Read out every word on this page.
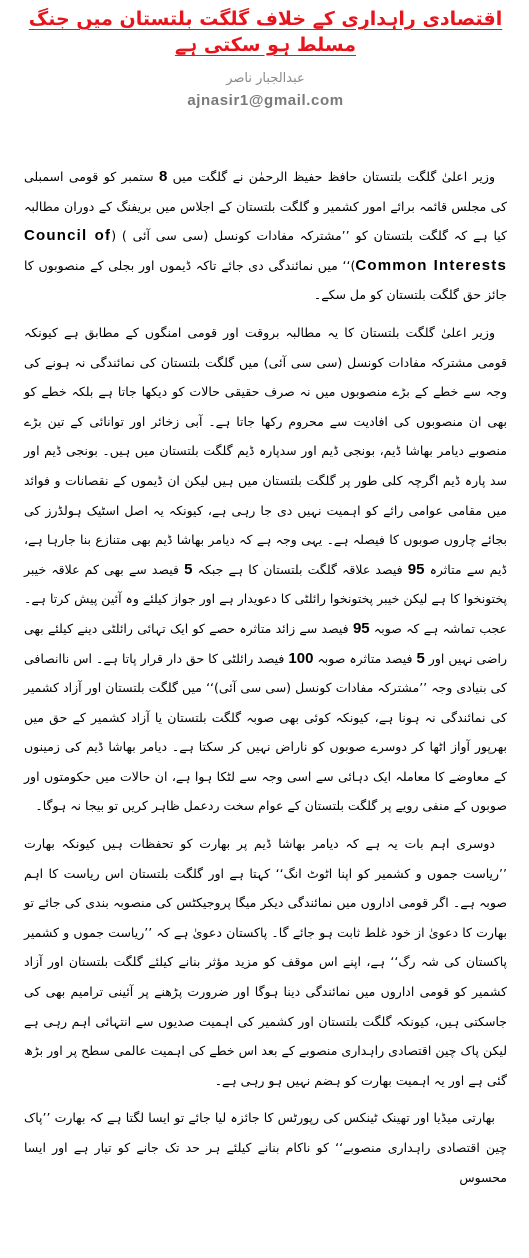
اقتصادی راہداری کے خلاف گلگت بلتستان میں جنگ مسلط ہو سکتی ہے
عبدالجبار ناصر
ajnasir1@gmail.com

وزیر اعلیٰ گلگت بلتستان حافظ حفیظ الرحمٰن نے گلگت میں 8 ستمبر کو قومی اسمبلی کی مجلس قائمہ برائے امور کشمیر و گلگت بلتستان کے اجلاس میں بریفنگ کے دوران مطالبہ کیا ہے کہ گلگت بلتستان کو ’’مشترکہ مفادات کونسل (سی سی آئی ) (Council of Common Interests)‘‘ میں نمائندگی دی جائے تاکہ ڈیموں اور بجلی کے منصوبوں کا جائز حق گلگت بلتستان کو مل سکے۔

وزیر اعلیٰ گلگت بلتستان کا یہ مطالبہ بروقت اور قومی امنگوں کے مطابق ہے کیونکہ قومی مشترکہ مفادات کونسل (سی سی آئی) میں گلگت بلتستان کی نمائندگی نہ ہونے کی وجہ سے خطے کے بڑے منصوبوں میں نہ صرف حقیقی حالات کو دیکھا جاتا ہے بلکہ خطے کو بھی ان منصوبوں کی افادیت سے محروم رکھا جاتا ہے۔ آبی زخائر اور توانائی کے تین بڑے منصوبے دیامر بھاشا ڈیم، بونجی ڈیم اور سدپارہ ڈیم گلگت بلتستان میں ہیں۔ بونجی ڈیم اور سد پارہ ڈیم اگرچہ کلی طور پر گلگت بلتستان میں ہیں لیکن ان ڈیموں کے نقصانات و فوائد میں مقامی عوامی رائے کو اہمیت نہیں دی جا رہی ہے، کیونکہ یہ اصل اسٹیک ہولڈرز کی بجائے چاروں صوبوں کا فیصلہ ہے۔ یہی وجہ ہے کہ دیامر بھاشا ڈیم بھی متنازع بنا جارہا ہے، ڈیم سے متاثرہ 95 فیصد علاقہ گلگت بلتستان کا ہے جبکہ 5 فیصد سے بھی کم علاقہ خیبر پختونخوا کا ہے لیکن خیبر پختونخوا رائلٹی کا دعویدار ہے اور جواز کیلئے وہ آئین پیش کرتا ہے۔ عجب تماشہ ہے کہ صوبہ 95 فیصد سے زائد متاثرہ حصے کو ایک تہائی رائلٹی دینے کیلئے بھی راضی نہیں اور 5 فیصد متاثرہ صوبہ 100 فیصد رائلٹی کا حق دار قرار پاتا ہے۔ اس ناانصافی کی بنیادی وجہ ’’مشترکہ مفادات کونسل (سی سی آئی)‘‘ میں گلگت بلتستان اور آزاد کشمیر کی نمائندگی نہ ہونا ہے، کیونکہ کوئی بھی صوبہ گلگت بلتستان یا آزاد کشمیر کے حق میں بھرپور آواز اٹھا کر دوسرے صوبوں کو ناراض نہیں کر سکتا ہے۔ دیامر بھاشا ڈیم کی زمینوں کے معاوضے کا معاملہ ایک دہائی سے اسی وجہ سے لٹکا ہوا ہے، ان حالات میں حکومتوں اور صوبوں کے منفی رویے پر گلگت بلتستان کے عوام سخت ردعمل ظاہر کریں تو بیجا نہ ہوگا۔

دوسری اہم بات یہ ہے کہ دیامر بھاشا ڈیم پر بھارت کو تحفظات ہیں کیونکہ بھارت ’’ریاست جموں و کشمیر کو اپنا اٹوٹ انگ‘‘ کہتا ہے اور گلگت بلتستان اس ریاست کا اہم صوبہ ہے۔ اگر قومی اداروں میں نمائندگی دیکر میگا پروجیکٹس کی منصوبہ بندی کی جائے تو بھارت کا دعویٰ از خود غلط ثابت ہو جائے گا۔ پاکستان دعویٰ ہے کہ ’’ریاست جموں و کشمیر پاکستان کی شہ رگ‘‘ ہے، اپنے اس موقف کو مزید مؤثر بنانے کیلئے گلگت بلتستان اور آزاد کشمیر کو قومی اداروں میں نمائندگی دینا ہوگا اور ضرورت پڑھنے پر آئینی ترامیم بھی کی جاسکتی ہیں، کیونکہ گلگت بلتستان اور کشمیر کی اہمیت صدیوں سے انتہائی اہم رہی ہے لیکن پاک چین اقتصادی راہداری منصوبے کے بعد اس خطے کی اہمیت عالمی سطح پر اور بڑھ گئی ہے اور یہ اہمیت بھارت کو ہضم نہیں ہو رہی ہے۔

بھارتی میڈیا اور تھینک ٹینکس کی رپورٹس کا جائزہ لیا جائے تو ایسا لگتا ہے کہ بھارت ’’پاک چین اقتصادی راہداری منصوبے‘‘ کو ناکام بنانے کیلئے ہر حد تک جانے کو تیار ہے اور ایسا محسوس
